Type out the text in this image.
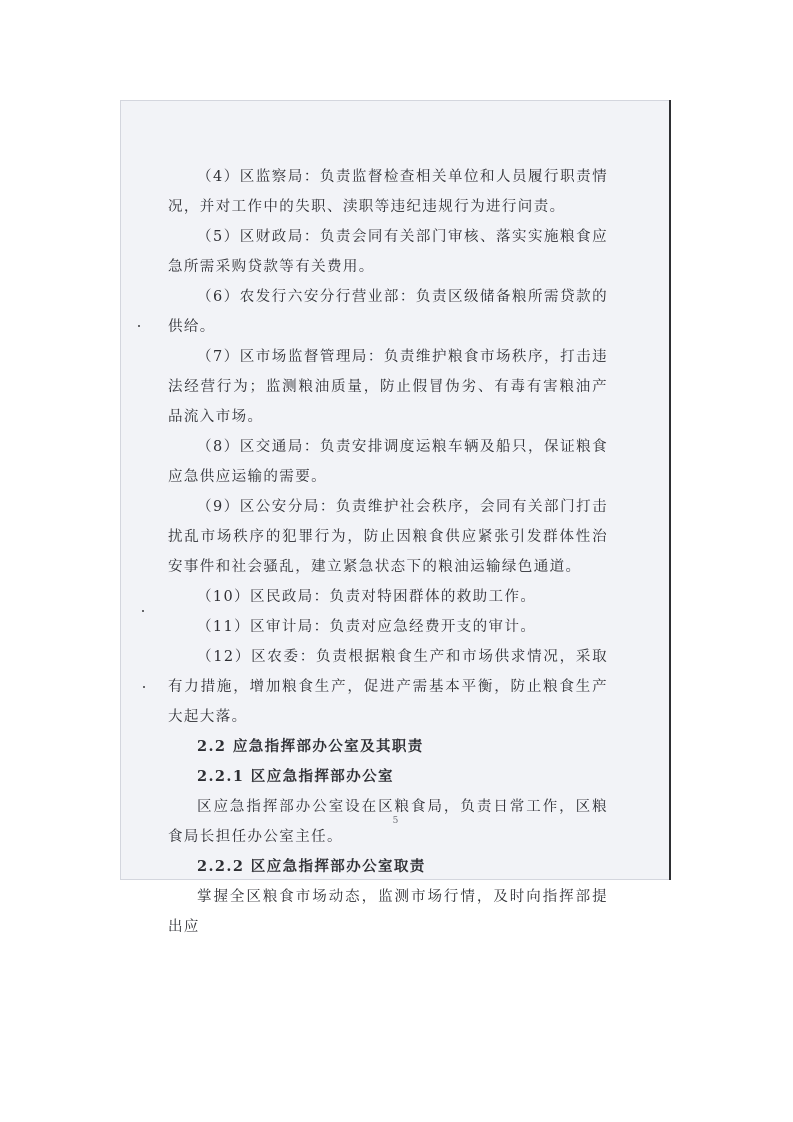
（4）区监察局：负责监督检查相关单位和人员履行职责情况，并对工作中的失职、渎职等违纪违规行为进行问责。

（5）区财政局：负责会同有关部门审核、落实实施粮食应急所需采购贷款等有关费用。

（6）农发行六安分行营业部：负责区级储备粮所需贷款的供给。

（7）区市场监督管理局：负责维护粮食市场秩序，打击违法经营行为；监测粮油质量，防止假冒伪劣、有毒有害粮油产品流入市场。

（8）区交通局：负责安排调度运粮车辆及船只，保证粮食应急供应运输的需要。

（9）区公安分局：负责维护社会秩序，会同有关部门打击扰乱市场秩序的犯罪行为，防止因粮食供应紧张引发群体性治安事件和社会骚乱，建立紧急状态下的粮油运输绿色通道。

（10）区民政局：负责对特困群体的救助工作。

（11）区审计局：负责对应急经费开支的审计。

（12）区农委：负责根据粮食生产和市场供求情况，采取有力措施，增加粮食生产，促进产需基本平衡，防止粮食生产大起大落。

2.2 应急指挥部办公室及其职责

2.2.1 区应急指挥部办公室

区应急指挥部办公室设在区粮食局，负责日常工作，区粮食局长担任办公室主任。

2.2.2 区应急指挥部办公室取责

掌握全区粮食市场动态，监测市场行情，及时向指挥部提出应

5
